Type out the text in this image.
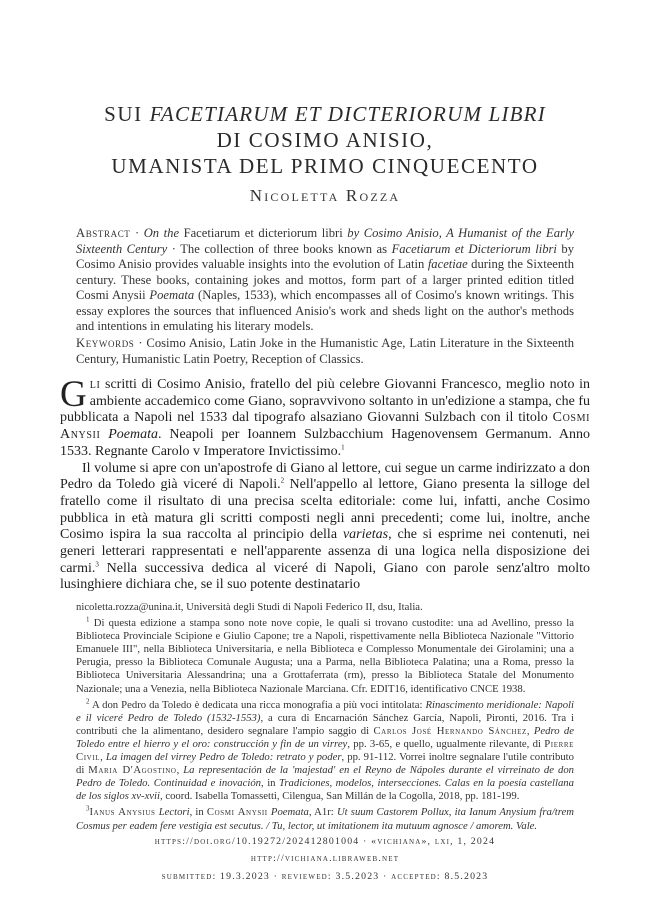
SUI FACETIARUM ET DICTERIORUM LIBRI
DI COSIMO ANISIO,
UMANISTA DEL PRIMO CINQUECENTO
Nicoletta Rozza
Abstract · On the Facetiarum et dicteriorum libri by Cosimo Anisio, A Humanist of the Early Sixteenth Century · The collection of three books known as Facetiarum et Dicteriorum libri by Cosimo Anisio provides valuable insights into the evolution of Latin facetiae during the Sixteenth century. These books, containing jokes and mottos, form part of a larger printed edition titled Cosmi Anysii Poemata (Naples, 1533), which encompasses all of Cosimo's known writings. This essay explores the sources that influenced Anisio's work and sheds light on the author's methods and intentions in emulating his literary models.
Keywords · Cosimo Anisio, Latin Joke in the Humanistic Age, Latin Literature in the Sixteenth Century, Humanistic Latin Poetry, Reception of Classics.

Gli scritti di Cosimo Anisio, fratello del più celebre Giovanni Francesco, meglio noto in ambiente accademico come Giano, sopravvivono soltanto in un'edizione a stampa, che fu pubblicata a Napoli nel 1533 dal tipografo alsaziano Giovanni Sulzbach con il titolo Cosmi Anysii Poemata. Neapoli per Ioannem Sulzbacchium Hagenovensem Germanum. Anno 1533. Regnante Carolo v Imperatore Invictissimo.$^1$

Il volume si apre con un'apostrofe di Giano al lettore, cui segue un carme indirizzato a don Pedro da Toledo già viceré di Napoli.$^2$ Nell'appello al lettore, Giano presenta la silloge del fratello come il risultato di una precisa scelta editoriale: come lui, infatti, anche Cosimo pubblica in età matura gli scritti composti negli anni precedenti; come lui, inoltre, anche Cosimo ispira la sua raccolta al principio della varietas, che si esprime nei contenuti, nei generi letterari rappresentati e nell'apparente assenza di una logica nella disposizione dei carmi.$^3$ Nella successiva dedica al viceré di Napoli, Giano con parole senz'altro molto lusinghiere dichiara che, se il suo potente destinatario

nicoletta.rozza@unina.it, Università degli Studi di Napoli Federico II, dsu, Italia.

$^1$ Di questa edizione a stampa sono note nove copie, le quali si trovano custodite: una ad Avellino, presso la Biblioteca Provinciale Scipione e Giulio Capone; tre a Napoli, rispettivamente nella Biblioteca Nazionale "Vittorio Emanuele III", nella Biblioteca Universitaria, e nella Biblioteca e Complesso Monumentale dei Girolamini; una a Perugia, presso la Biblioteca Comunale Augusta; una a Parma, nella Biblioteca Palatina; una a Roma, presso la Biblioteca Universitaria Alessandrina; una a Grottaferrata (rm), presso la Biblioteca Statale del Monumento Nazionale; una a Venezia, nella Biblioteca Nazionale Marciana. Cfr. EDIT16, identificativo CNCE 1938.

$^2$ A don Pedro da Toledo è dedicata una ricca monografia a più voci intitolata: Rinascimento meridionale: Napoli e il viceré Pedro de Toledo (1532-1553), a cura di Encarnación Sánchez García, Napoli, Pironti, 2016. Tra i contributi che la alimentano, desidero segnalare l'ampio saggio di Carlos José Hernando Sánchez, Pedro de Toledo entre el hierro y el oro: construcción y fin de un virrey, pp. 3-65, e quello, ugualmente rilevante, di Pierre Civil, La imagen del virrey Pedro de Toledo: retrato y poder, pp. 91-112. Vorrei inoltre segnalare l'utile contributo di Maria D'Agostino, La representación de la 'majestad' en el Reyno de Nápoles durante el virreinato de don Pedro de Toledo. Continuidad e inovación, in Tradiciones, modelos, intersecciones. Calas en la poesía castellana de los siglos xv-xvii, coord. Isabella Tomassetti, Cilengua, San Millán de la Cogolla, 2018, pp. 181-199.

$^3$Ianus Anysius Lectori, in Cosmi Anysii Poemata, A1r: Ut suum Castorem Pollux, ita Ianum Anysium fra/trem Cosmus per eadem fere vestigia est secutus. / Tu, lector, ut imitationem ita mutuum agnosce / amorem. Vale.

https://doi.org/10.19272/202412801004 · «vichiana», lxi, 1, 2024
http://vichiana.libraweb.net
submitted: 19.3.2023 · reviewed: 3.5.2023 · accepted: 8.5.2023
